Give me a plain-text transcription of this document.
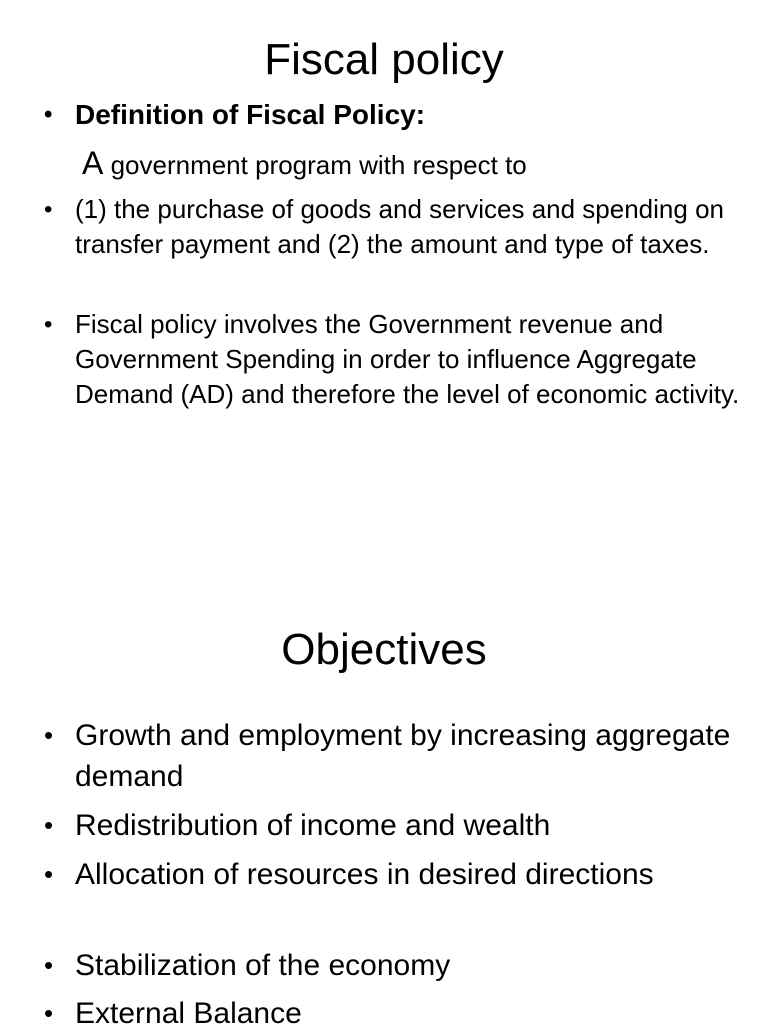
Fiscal policy
• Definition of Fiscal Policy:
A government program with respect to
• (1) the purchase of goods and services and spending on transfer payment and (2) the amount and type of taxes.
• Fiscal policy involves the Government revenue and Government Spending in order to influence Aggregate Demand (AD) and therefore the level of economic activity.
Objectives
• Growth and employment by increasing aggregate demand
• Redistribution of income and wealth
• Allocation of resources in desired directions
• Stabilization of the economy
• External Balance
